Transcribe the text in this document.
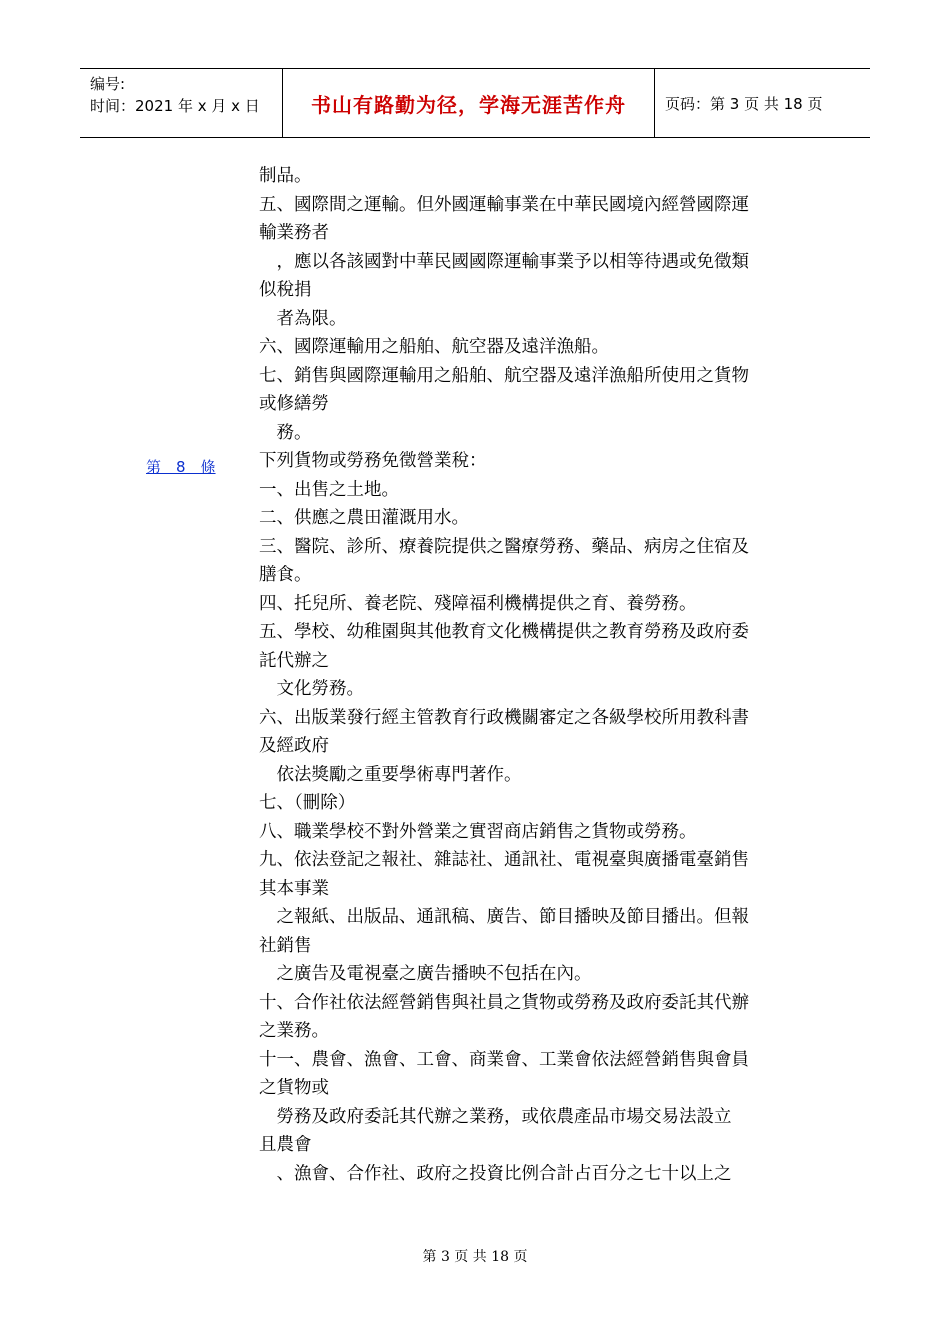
编号:
时间：2021 年 x 月 x 日	书山有路勤为径，学海无涯苦作舟	页码：第 3 页 共 18 页
第　8　條
制品。
五、國際間之運輸。但外國運輸事業在中華民國境內經營國際運
輸業務者
　，應以各該國對中華民國國際運輸事業予以相等待遇或免徵類
似稅捐
　者為限。
六、國際運輸用之船舶、航空器及遠洋漁船。
七、銷售與國際運輸用之船舶、航空器及遠洋漁船所使用之貨物
或修繕勞
　務。
下列貨物或勞務免徵營業稅：
一、出售之土地。
二、供應之農田灌溉用水。
三、醫院、診所、療養院提供之醫療勞務、藥品、病房之住宿及
膳食。
四、托兒所、養老院、殘障福利機構提供之育、養勞務。
五、學校、幼稚園與其他教育文化機構提供之教育勞務及政府委
託代辦之
　文化勞務。
六、出版業發行經主管教育行政機關審定之各級學校所用教科書
及經政府
　依法獎勵之重要學術專門著作。
七、（刪除）
八、職業學校不對外營業之實習商店銷售之貨物或勞務。
九、依法登記之報社、雜誌社、通訊社、電視臺與廣播電臺銷售
其本事業
　之報紙、出版品、通訊稿、廣告、節目播映及節目播出。但報
社銷售
　之廣告及電視臺之廣告播映不包括在內。
十、合作社依法經營銷售與社員之貨物或勞務及政府委託其代辦
之業務。
十一、農會、漁會、工會、商業會、工業會依法經營銷售與會員
之貨物或
　勞務及政府委託其代辦之業務，或依農產品市場交易法設立
且農會
　、漁會、合作社、政府之投資比例合計占百分之七十以上之
第 3 页 共 18 页
